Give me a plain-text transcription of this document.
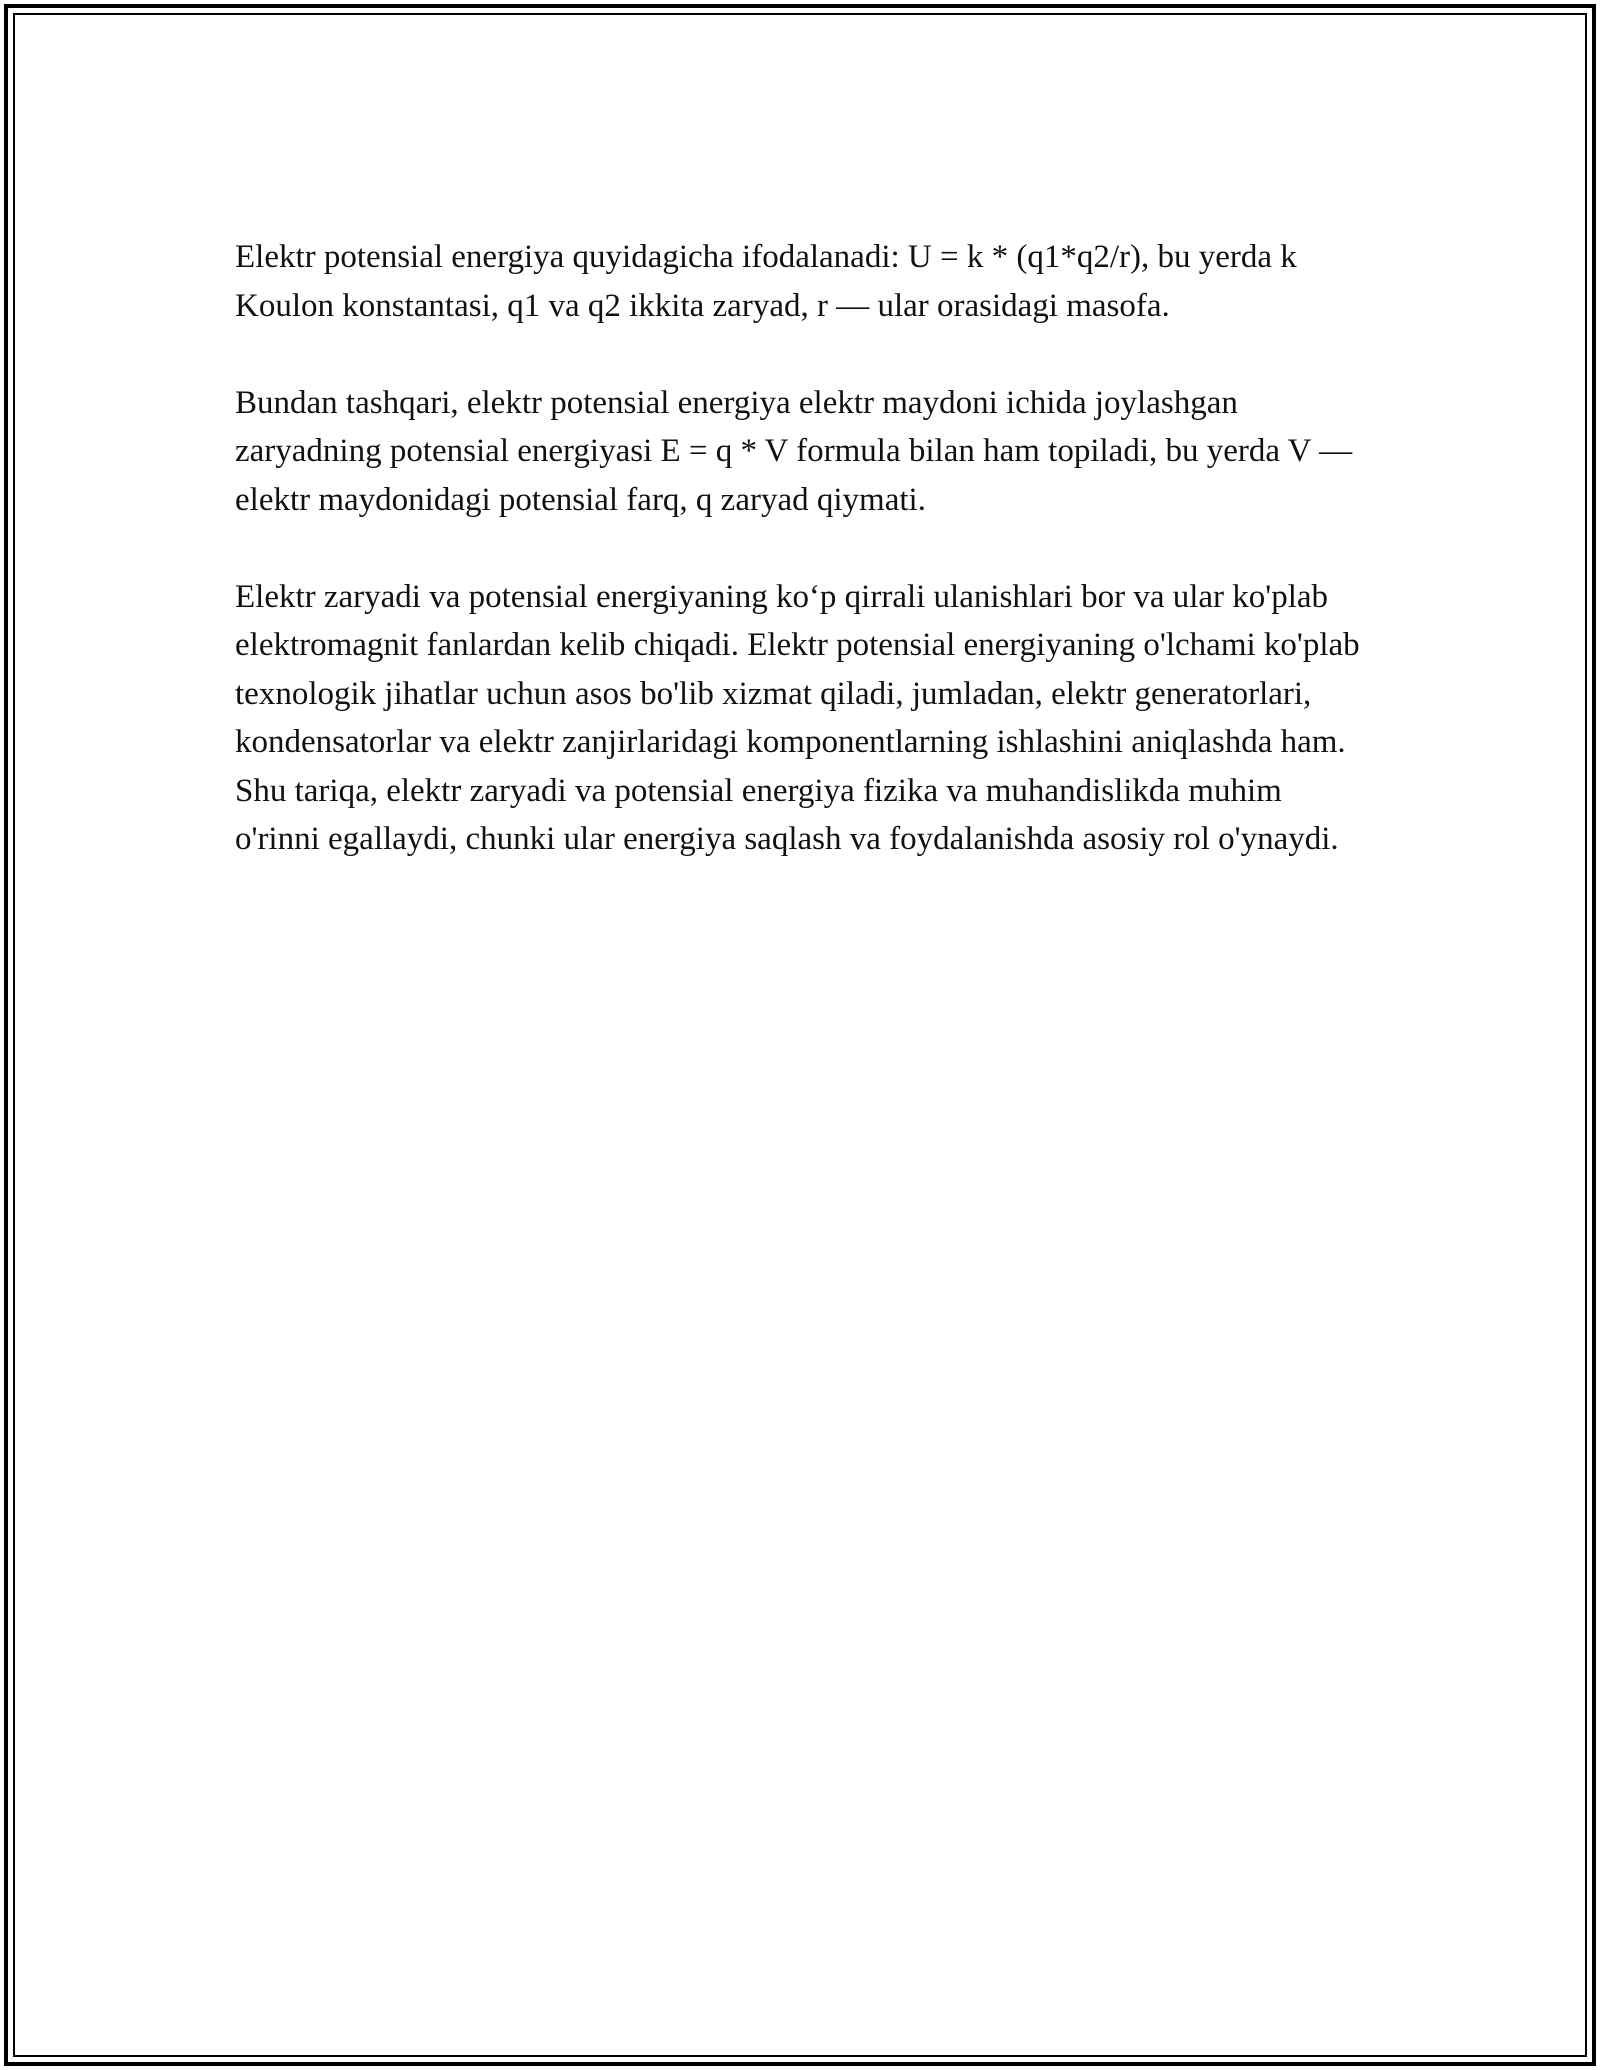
Elektr potensial energiya quyidagicha ifodalanadi: U = k * (q1*q2/r), bu yerda k Koulon konstantasi, q1 va q2 ikkita zaryad, r — ular orasidagi masofa.

Bundan tashqari, elektr potensial energiya elektr maydoni ichida joylashgan zaryadning potensial energiyasi E = q * V formula bilan ham topiladi, bu yerda V — elektr maydonidagi potensial farq, q zaryad qiymati.

Elektr zaryadi va potensial energiyaning ko‘p qirrali ulanishlari bor va ular ko'plab elektromagnit fanlardan kelib chiqadi. Elektr potensial energiyaning o'lchami ko'plab texnologik jihatlar uchun asos bo'lib xizmat qiladi, jumladan, elektr generatorlari, kondensatorlar va elektr zanjirlaridagi komponentlarning ishlashini aniqlashda ham. Shu tariqa, elektr zaryadi va potensial energiya fizika va muhandislikda muhim o'rinni egallaydi, chunki ular energiya saqlash va foydalanishda asosiy rol o'ynaydi.
